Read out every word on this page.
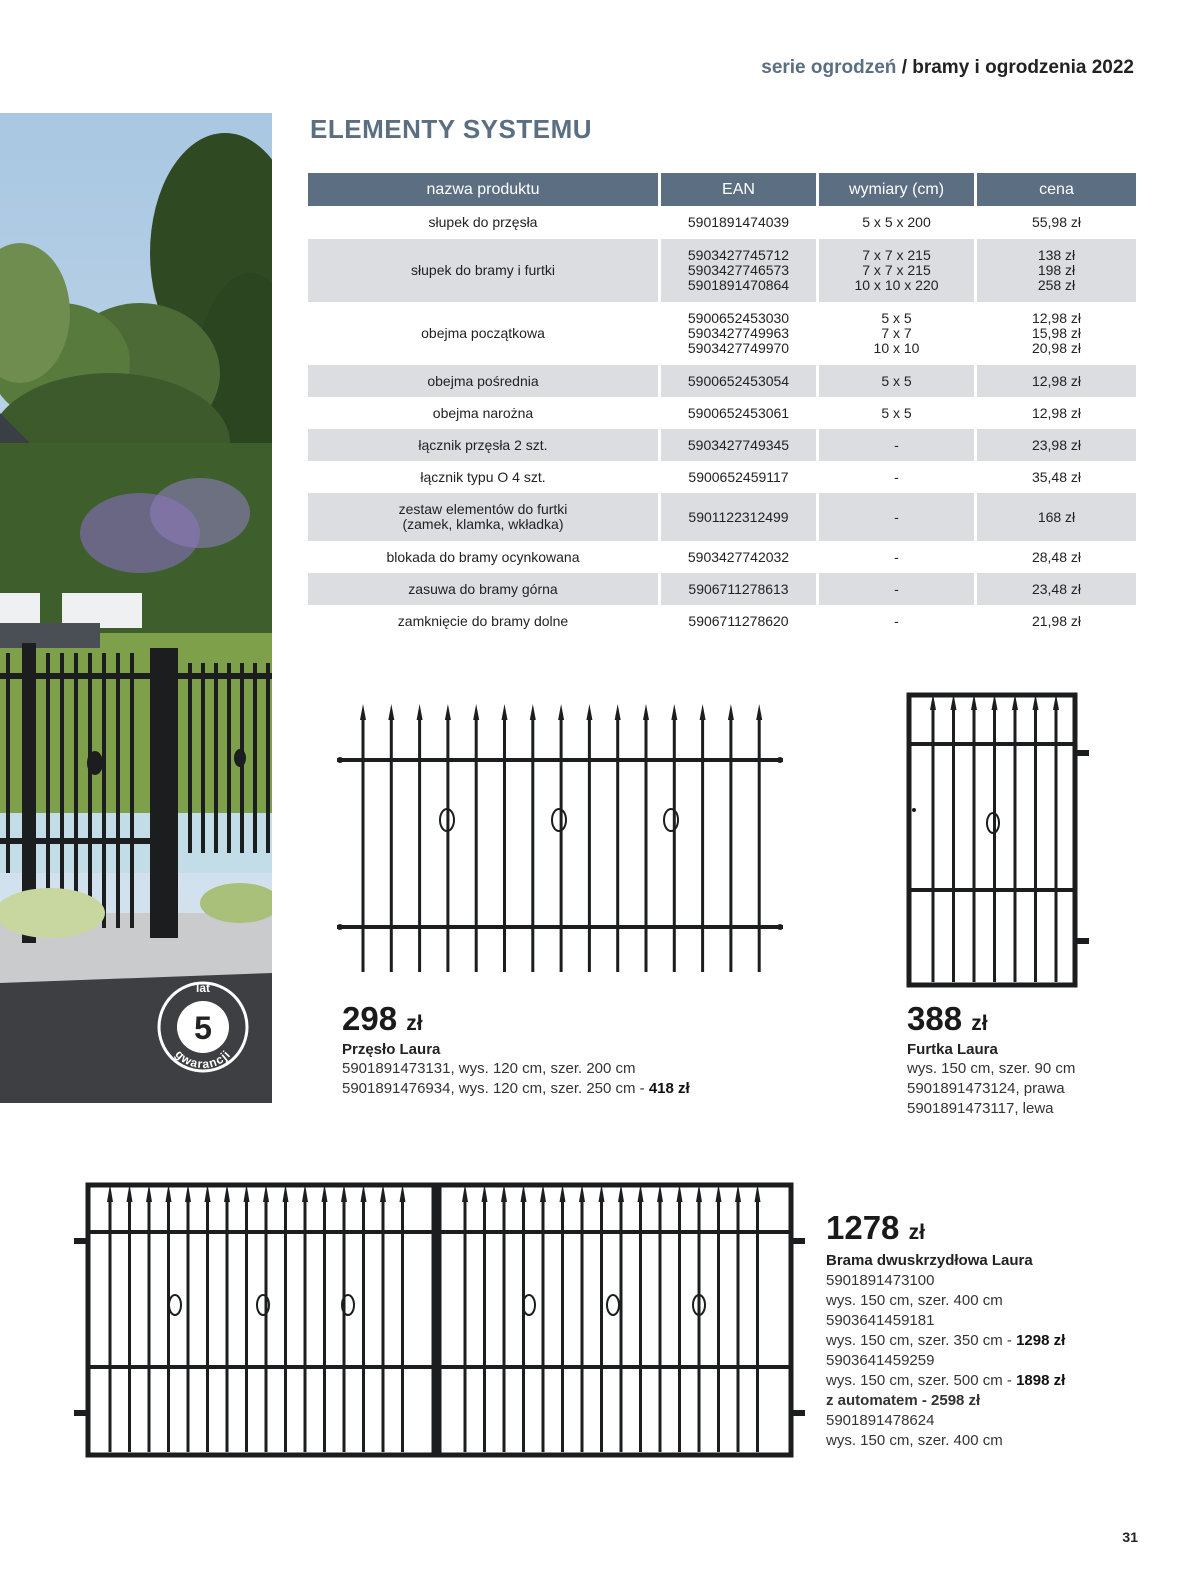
serie ogrodzeń / bramy i ogrodzenia 2022
lat
5
gwarancji
ELEMENTY SYSTEMU
nazwa produktu	EAN	wymiary (cm)	cena

słupek do przęsła	5901891474039	5 x 5 x 200	55,98 zł

słupek do bramy i furtki	5903427745712
5903427746573
5901891470864	7 x 7 x 215
7 x 7 x 215
10 x 10 x 220	138 zł
198 zł
258 zł

obejma początkowa	5900652453030
5903427749963
5903427749970	5 x 5
7 x 7
10 x 10	12,98 zł
15,98 zł
20,98 zł

obejma pośrednia	5900652453054	5 x 5	12,98 zł

obejma narożna	5900652453061	5 x 5	12,98 zł

łącznik przęsła 2 szt.	5903427749345	-	23,98 zł

łącznik typu O 4 szt.	5900652459117	-	35,48 zł

zestaw elementów do furtki
(zamek, klamka, wkładka)	5901122312499	-	168 zł

blokada do bramy ocynkowana	5903427742032	-	28,48 zł

zasuwa do bramy górna	5906711278613	-	23,48 zł

zamknięcie do bramy dolne	5906711278620	-	21,98 zł
298 zł
Przęsło Laura
5901891473131, wys. 120 cm, szer. 200 cm
5901891476934, wys. 120 cm, szer. 250 cm - 418 zł
388 zł
Furtka Laura
wys. 150 cm, szer. 90 cm
5901891473124, prawa
5901891473117, lewa
1278 zł
Brama dwuskrzydłowa Laura
5901891473100
wys. 150 cm, szer. 400 cm
5903641459181
wys. 150 cm, szer. 350 cm - 1298 zł
5903641459259
wys. 150 cm, szer. 500 cm - 1898 zł
z automatem - 2598 zł
5901891478624
wys. 150 cm, szer. 400 cm
31
